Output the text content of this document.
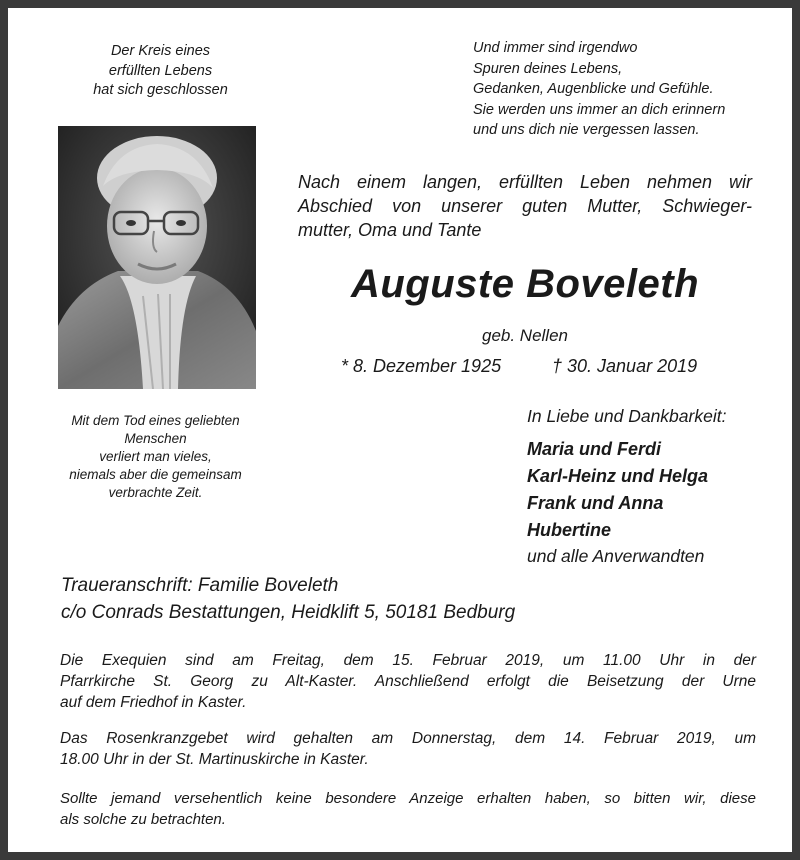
Der Kreis eines
erfüllten Lebens
hat sich geschlossen
Und immer sind irgendwo
Spuren deines Lebens,
Gedanken, Augenblicke und Gefühle.
Sie werden uns immer an dich erinnern
und uns dich nie vergessen lassen.
Nach einem langen, erfüllten Leben nehmen wir
Abschied von unserer guten Mutter, Schwieger-
mutter, Oma und Tante
Auguste Boveleth
geb. Nellen
* 8. Dezember 1925	† 30. Januar 2019
Mit dem Tod eines geliebten
Menschen
verliert man vieles,
niemals aber die gemeinsam
verbrachte Zeit.
In Liebe und Dankbarkeit:
Maria und Ferdi
Karl-Heinz und Helga
Frank und Anna
Hubertine
und alle Anverwandten
Traueranschrift: Familie Boveleth
c/o Conrads Bestattungen, Heidklift 5, 50181 Bedburg
Die Exequien sind am Freitag, dem 15. Februar 2019, um 11.00 Uhr in der
Pfarrkirche St. Georg zu Alt-Kaster. Anschließend erfolgt die Beisetzung der Urne
auf dem Friedhof in Kaster.
Das Rosenkranzgebet wird gehalten am Donnerstag, dem 14. Februar 2019, um
18.00 Uhr in der St. Martinuskirche in Kaster.
Sollte jemand versehentlich keine besondere Anzeige erhalten haben, so bitten wir, diese
als solche zu betrachten.
